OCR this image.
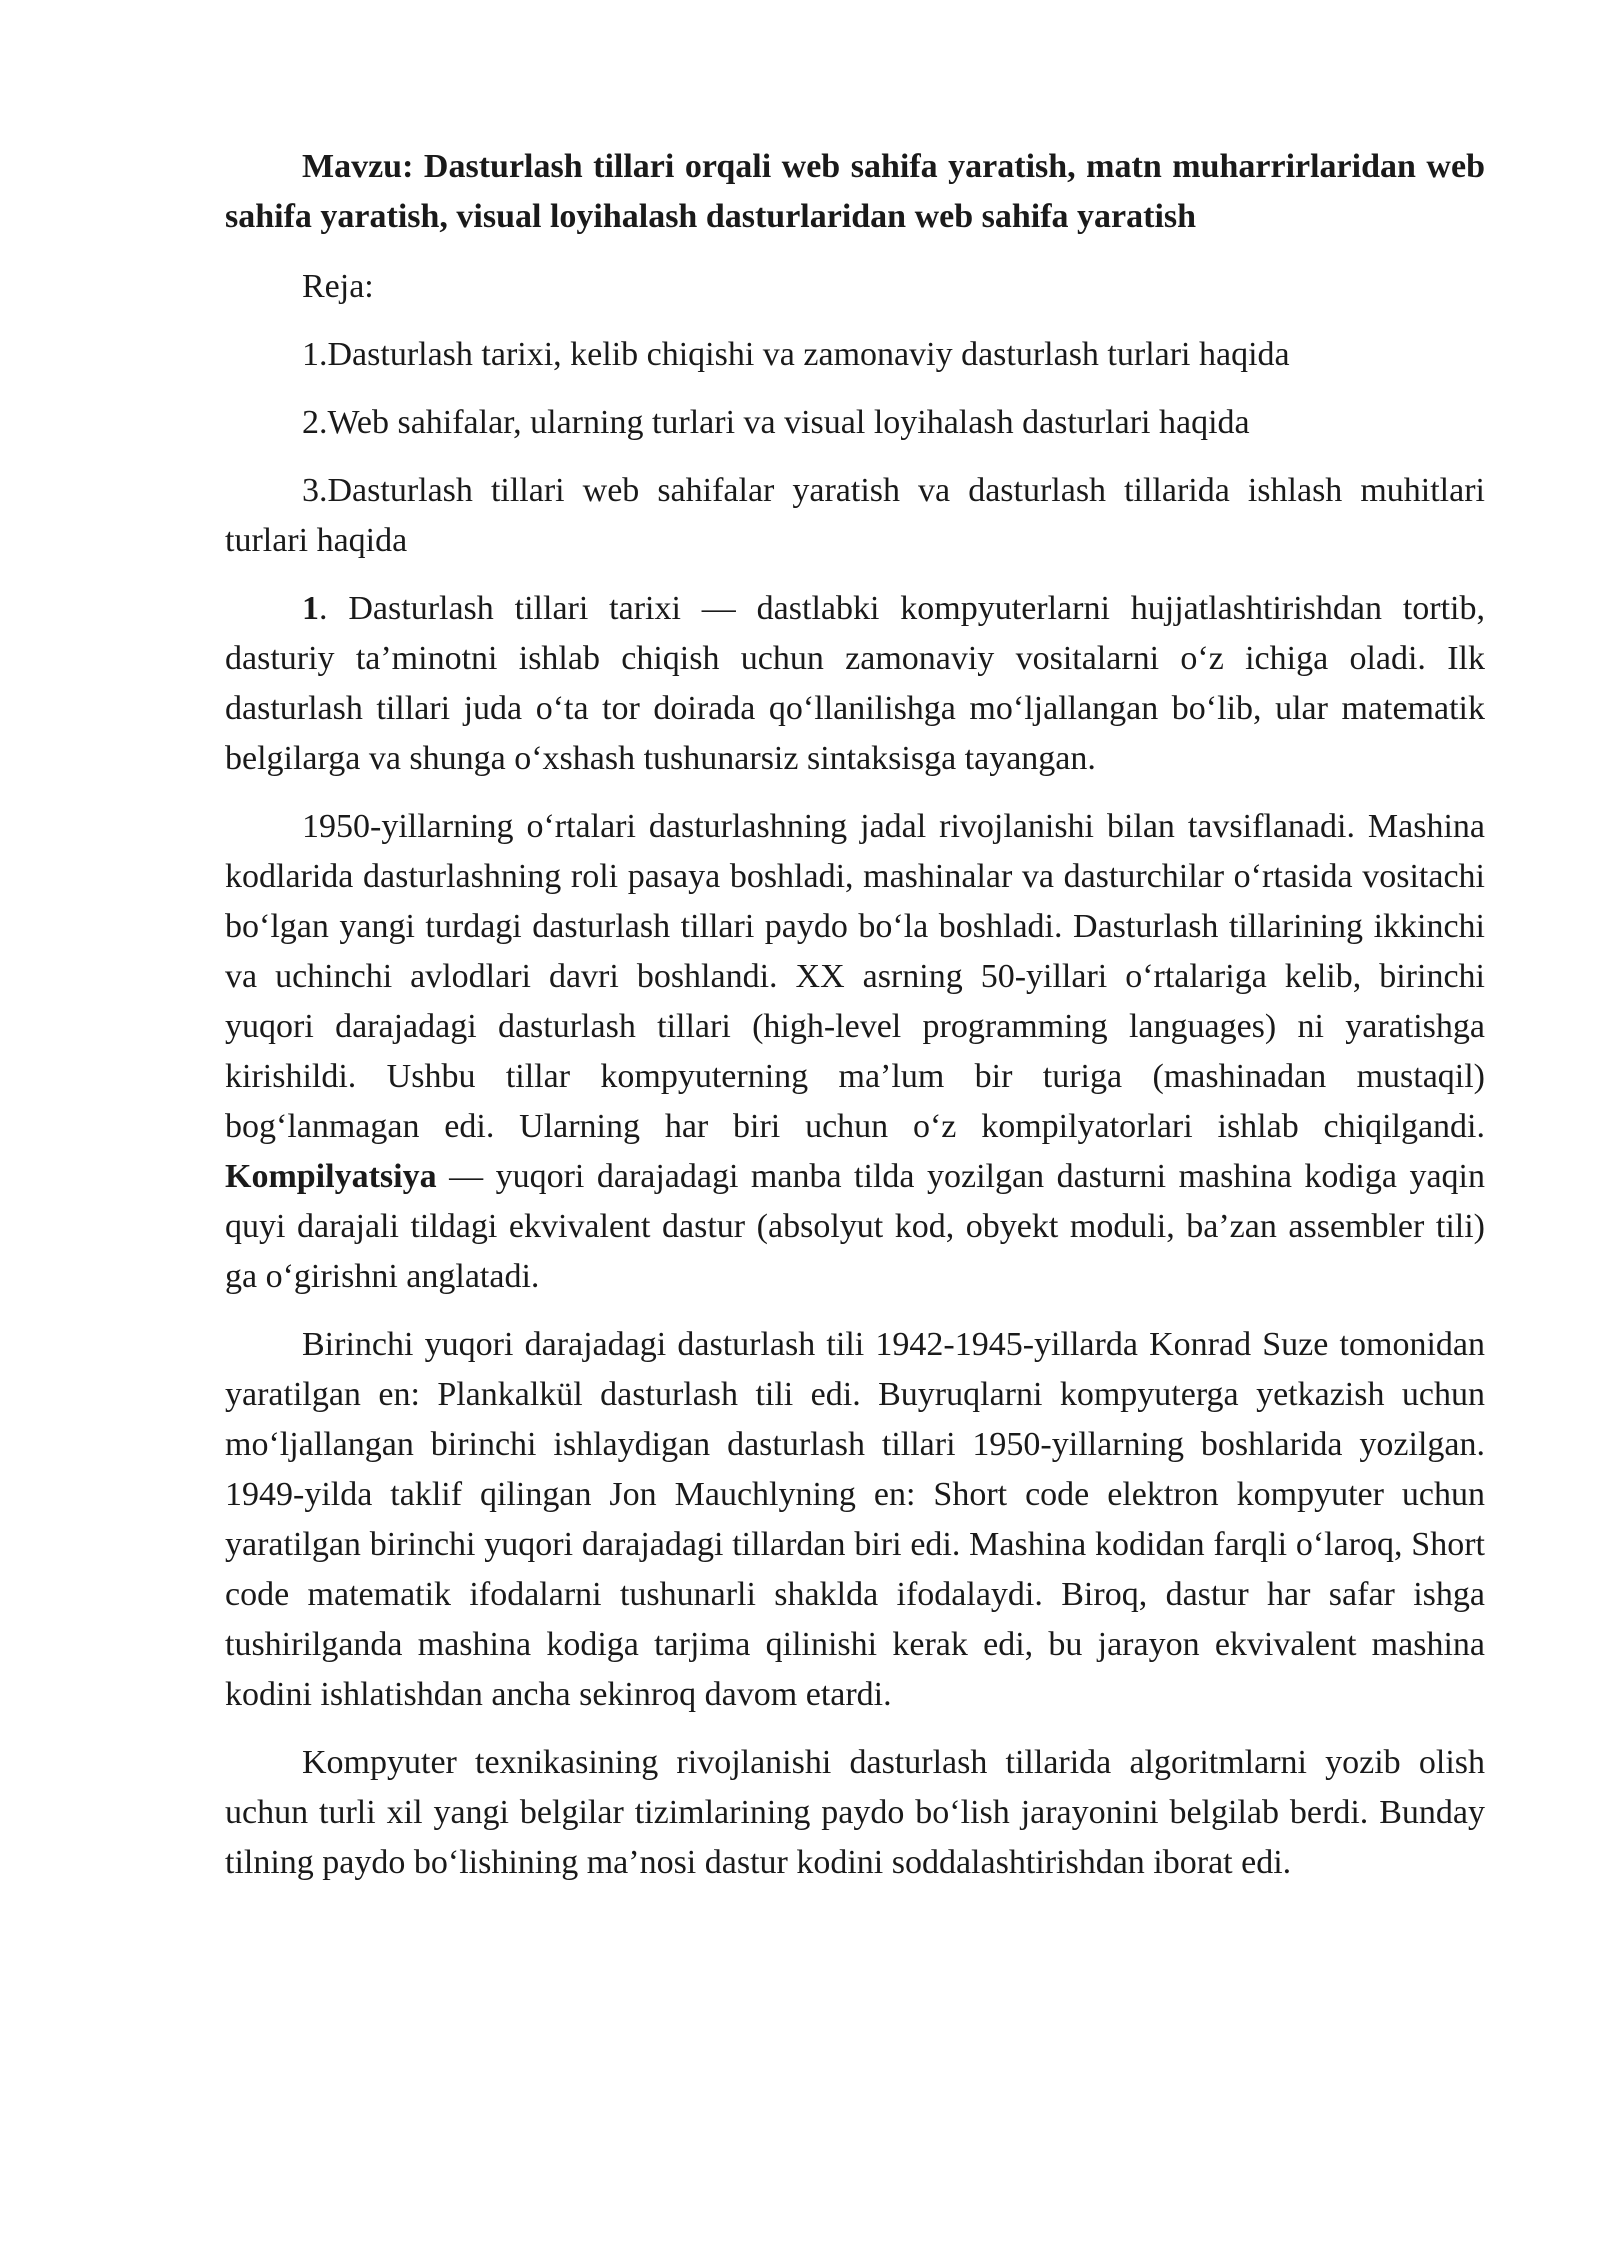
Mavzu: Dasturlash tillari orqali web sahifa yaratish, matn muharrirlaridan web sahifa yaratish, visual loyihalash dasturlaridan web sahifa yaratish

Reja:

1.Dasturlash tarixi, kelib chiqishi va zamonaviy dasturlash turlari haqida

2.Web sahifalar, ularning turlari va visual loyihalash dasturlari haqida

3.Dasturlash tillari web sahifalar yaratish va dasturlash tillarida ishlash muhitlari turlari haqida

1. Dasturlash tillari tarixi — dastlabki kompyuterlarni hujjatlashtirishdan tortib, dasturiy ta’minotni ishlab chiqish uchun zamonaviy vositalarni o‘z ichiga oladi. Ilk dasturlash tillari juda o‘ta tor doirada qo‘llanilishga mo‘ljallangan bo‘lib, ular matematik belgilarga va shunga o‘xshash tushunarsiz sintaksisga tayangan.

1950-yillarning o‘rtalari dasturlashning jadal rivojlanishi bilan tavsiflanadi. Mashina kodlarida dasturlashning roli pasaya boshladi, mashinalar va dasturchilar o‘rtasida vositachi bo‘lgan yangi turdagi dasturlash tillari paydo bo‘la boshladi. Dasturlash tillarining ikkinchi va uchinchi avlodlari davri boshlandi. XX asrning 50-yillari o‘rtalariga kelib, birinchi yuqori darajadagi dasturlash tillari (high-level programming languages) ni yaratishga kirishildi. Ushbu tillar kompyuterning ma’lum bir turiga (mashinadan mustaqil) bog‘lanmagan edi. Ularning har biri uchun o‘z kompilyatorlari ishlab chiqilgandi. Kompilyatsiya — yuqori darajadagi manba tilda yozilgan dasturni mashina kodiga yaqin quyi darajali tildagi ekvivalent dastur (absolyut kod, obyekt moduli, ba’zan assembler tili) ga o‘girishni anglatadi.

Birinchi yuqori darajadagi dasturlash tili 1942-1945-yillarda Konrad Suze tomonidan yaratilgan en: Plankalkül dasturlash tili edi. Buyruqlarni kompyuterga yetkazish uchun mo‘ljallangan birinchi ishlaydigan dasturlash tillari 1950-yillarning boshlarida yozilgan. 1949-yilda taklif qilingan Jon Mauchlyning en: Short code elektron kompyuter uchun yaratilgan birinchi yuqori darajadagi tillardan biri edi. Mashina kodidan farqli o‘laroq, Short code matematik ifodalarni tushunarli shaklda ifodalaydi. Biroq, dastur har safar ishga tushirilganda mashina kodiga tarjima qilinishi kerak edi, bu jarayon ekvivalent mashina kodini ishlatishdan ancha sekinroq davom etardi.

Kompyuter texnikasining rivojlanishi dasturlash tillarida algoritmlarni yozib olish uchun turli xil yangi belgilar tizimlarining paydo bo‘lish jarayonini belgilab berdi. Bunday tilning paydo bo‘lishining ma’nosi dastur kodini soddalashtirishdan iborat edi.
